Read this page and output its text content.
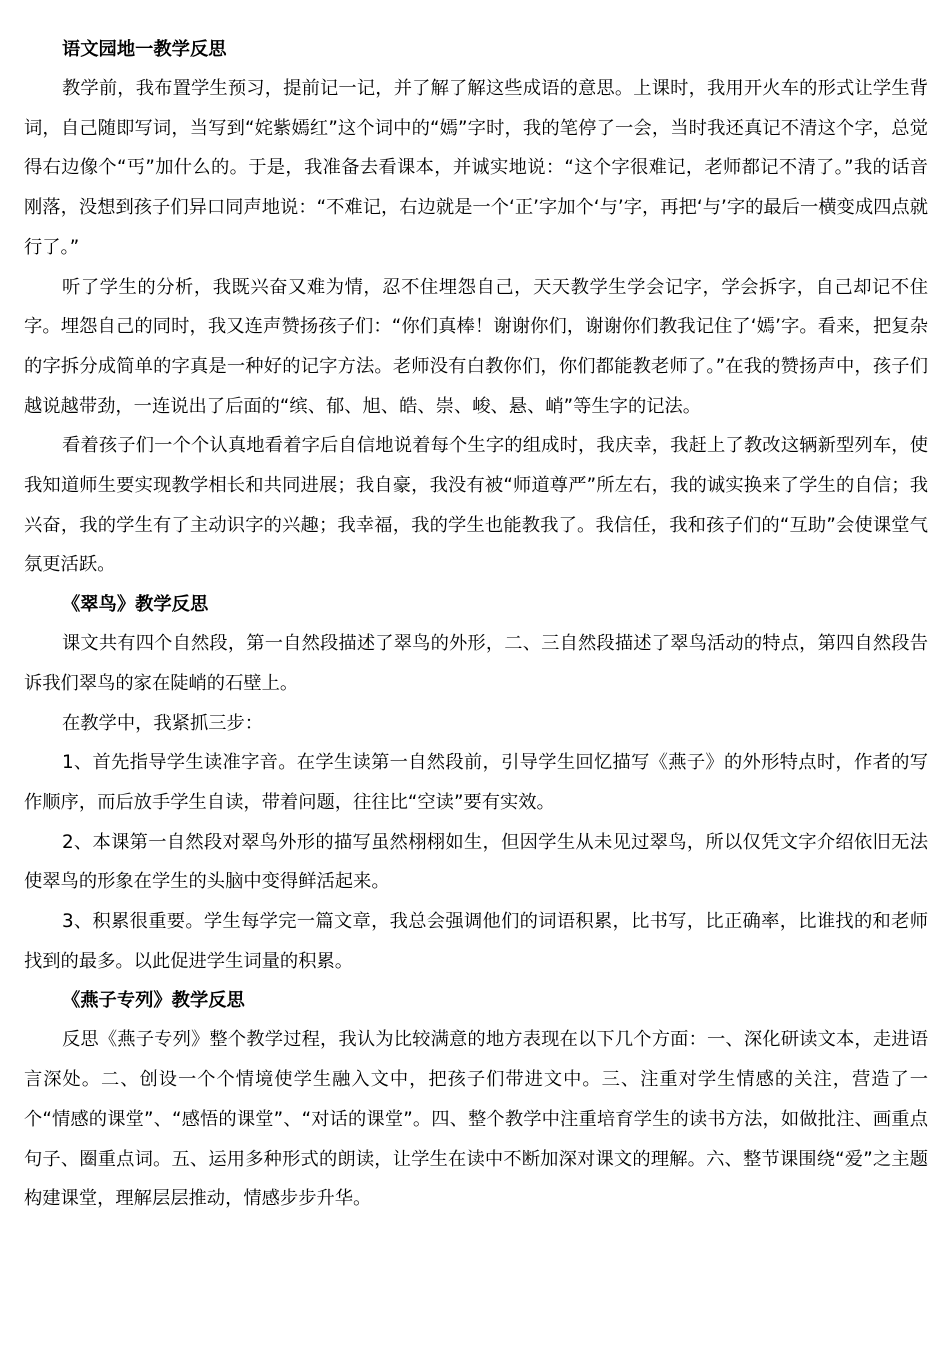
语文园地一教学反思

教学前，我布置学生预习，提前记一记，并了解了解这些成语的意思。上课时，我用开火车的形式让学生背词，自己随即写词，当写到“姹紫嫣红”这个词中的“嫣”字时，我的笔停了一会，当时我还真记不清这个字，总觉得右边像个“丐”加什么的。于是，我准备去看课本，并诚实地说：“这个字很难记，老师都记不清了。”我的话音刚落，没想到孩子们异口同声地说：“不难记，右边就是一个‘正’字加个‘与’字，再把‘与’字的最后一横变成四点就行了。”

听了学生的分析，我既兴奋又难为情，忍不住埋怨自己，天天教学生学会记字，学会拆字，自己却记不住字。埋怨自己的同时，我又连声赞扬孩子们：“你们真棒！谢谢你们，谢谢你们教我记住了‘嫣’字。看来，把复杂的字拆分成简单的字真是一种好的记字方法。老师没有白教你们，你们都能教老师了。”在我的赞扬声中，孩子们越说越带劲，一连说出了后面的“缤、郁、旭、皓、崇、峻、悬、峭”等生字的记法。

看着孩子们一个个认真地看着字后自信地说着每个生字的组成时，我庆幸，我赶上了教改这辆新型列车，使我知道师生要实现教学相长和共同进展；我自豪，我没有被“师道尊严”所左右，我的诚实换来了学生的自信；我兴奋，我的学生有了主动识字的兴趣；我幸福，我的学生也能教我了。我信任，我和孩子们的“互助”会使课堂气氛更活跃。

《翠鸟》教学反思

课文共有四个自然段，第一自然段描述了翠鸟的外形，二、三自然段描述了翠鸟活动的特点，第四自然段告诉我们翠鸟的家在陡峭的石壁上。

在教学中，我紧抓三步：

1、首先指导学生读准字音。在学生读第一自然段前，引导学生回忆描写《燕子》的外形特点时，作者的写作顺序，而后放手学生自读，带着问题，往往比“空读”要有实效。

2、本课第一自然段对翠鸟外形的描写虽然栩栩如生，但因学生从未见过翠鸟，所以仅凭文字介绍依旧无法使翠鸟的形象在学生的头脑中变得鲜活起来。

3、积累很重要。学生每学完一篇文章，我总会强调他们的词语积累，比书写，比正确率，比谁找的和老师找到的最多。以此促进学生词量的积累。

《燕子专列》教学反思

反思《燕子专列》整个教学过程，我认为比较满意的地方表现在以下几个方面：一、深化研读文本，走进语言深处。二、创设一个个情境使学生融入文中，把孩子们带进文中。三、注重对学生情感的关注，营造了一个“情感的课堂”、“感悟的课堂”、“对话的课堂”。四、整个教学中注重培育学生的读书方法，如做批注、画重点句子、圈重点词。五、运用多种形式的朗读，让学生在读中不断加深对课文的理解。六、整节课围绕“爱”之主题构建课堂，理解层层推动，情感步步升华。
